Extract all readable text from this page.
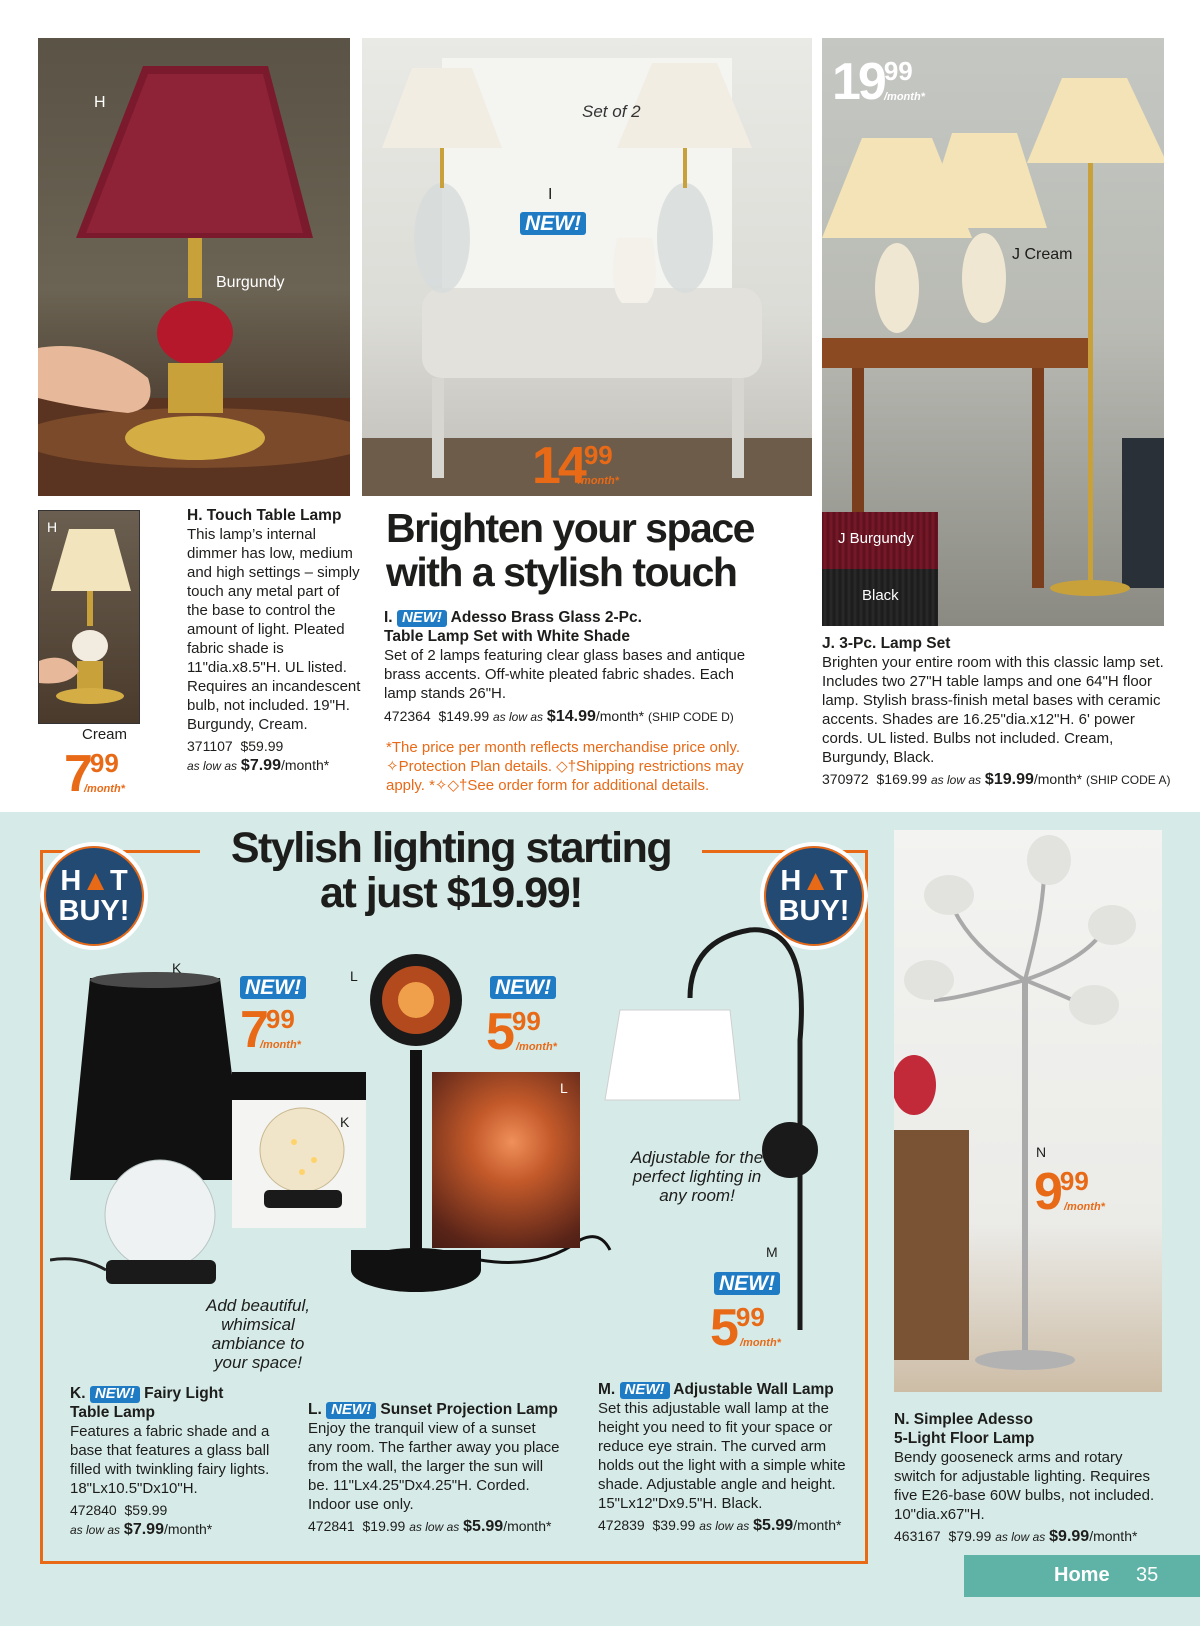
H
Burgundy
Set of 2
I
NEW!
1499
/month*
1999
/month*
J Cream
J Burgundy
Black
H
Cream
799
/month*
H. Touch Table Lamp
This lamp’s internal dimmer has low, medium and high settings – simply touch any metal part of the base to control the amount of light. Pleated fabric shade is 11"dia.x8.5"H. UL listed. Requires an incandescent bulb, not included. 19"H. Burgundy, Cream.
371107 $59.99
as low as $7.99/month*
Brighten your space
with a stylish touch
I. NEW! Adesso Brass Glass 2-Pc.
Table Lamp Set with White Shade
Set of 2 lamps featuring clear glass bases and antique brass accents. Off-white pleated fabric shades. Each lamp stands 26"H.
472364 $149.99 as low as $14.99/month* (SHIP CODE D)
*The price per month reflects merchandise price only. ✧Protection Plan details. ◇†Shipping restrictions may apply. *✧◇†See order form for additional details.
J. 3-Pc. Lamp Set
Brighten your entire room with this classic lamp set. Includes two 27"H table lamps and one 64"H floor lamp. Stylish brass-finish metal bases with ceramic accents. Shades are 16.25"dia.x12"H. 6' power cords. UL listed. Bulbs not included. Cream, Burgundy, Black.
370972 $169.99 as low as $19.99/month* (SHIP CODE A)
H▲T
BUY!
H▲T
BUY!
Stylish lighting starting
at just $19.99!
K
K
NEW!
799
/month*
Add beautiful, whimsical ambiance to your space!
L
L	NEW!
599
/month*
Adjustable for the perfect lighting in any room!
M
NEW!
599
/month*
N
999
/month*
K. NEW! Fairy Light
Table Lamp
Features a fabric shade and a base that features a glass ball filled with twinkling fairy lights. 18"Lx10.5"Dx10"H.
472840 $59.99
as low as $7.99/month*
L. NEW! Sunset Projection Lamp
Enjoy the tranquil view of a sunset any room. The farther away you place from the wall, the larger the sun will be. 11"Lx4.25"Dx4.25"H. Corded. Indoor use only.
472841 $19.99 as low as $5.99/month*
M. NEW! Adjustable Wall Lamp
Set this adjustable wall lamp at the height you need to fit your space or reduce eye strain. The curved arm holds out the light with a simple white shade. Adjustable angle and height. 15"Lx12"Dx9.5"H. Black.
472839 $39.99 as low as $5.99/month*
N. Simplee Adesso
5-Light Floor Lamp
Bendy gooseneck arms and rotary switch for adjustable lighting. Requires five E26-base 60W bulbs, not included. 10"dia.x67"H.
463167 $79.99 as low as $9.99/month*
Home 35
